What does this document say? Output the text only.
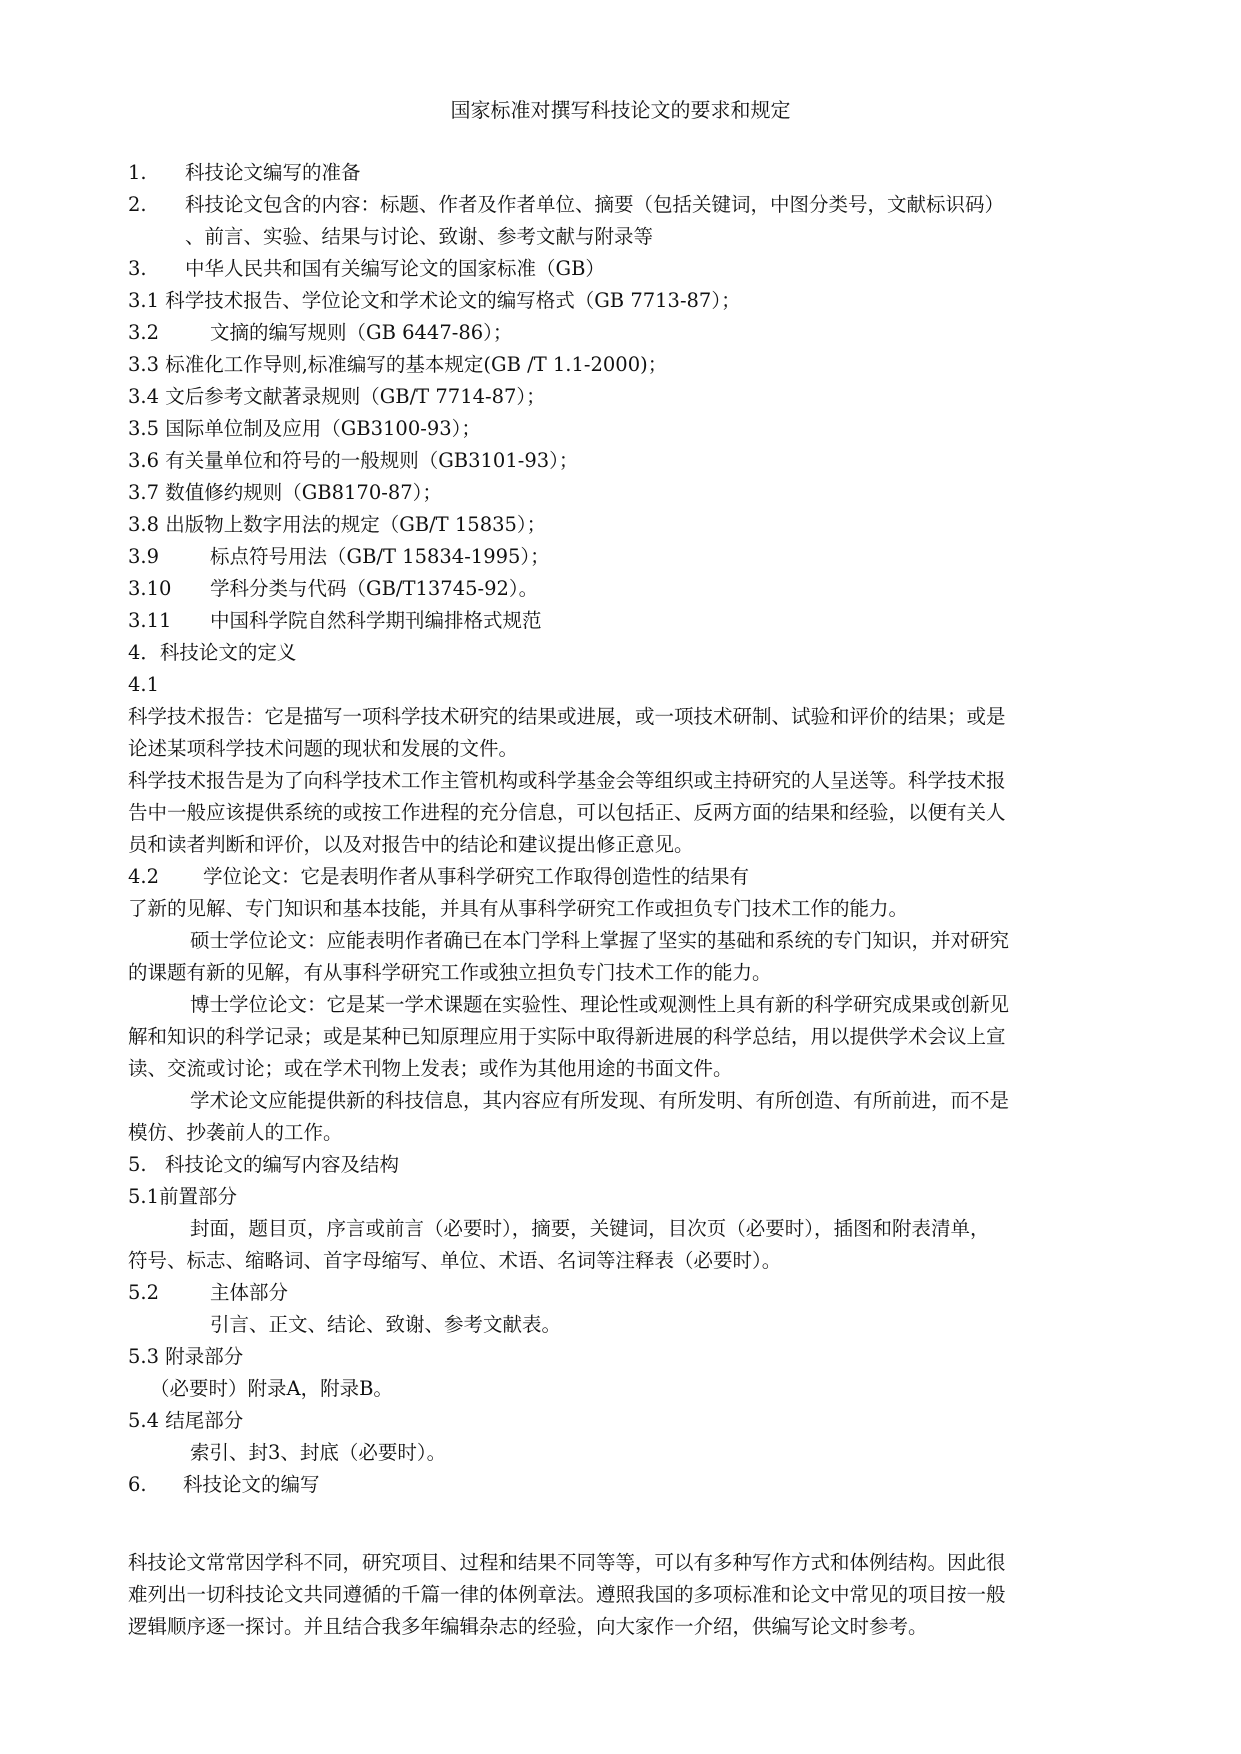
国家标准对撰写科技论文的要求和规定
1. 科技论文编写的准备
2. 科技论文包含的内容：标题、作者及作者单位、摘要（包括关键词，中图分类号，文献标识码）
、前言、实验、结果与讨论、致谢、参考文献与附录等
3. 中华人民共和国有关编写论文的国家标准（GB）
3.1 科学技术报告、学位论文和学术论文的编写格式（GB 7713-87）；
3.2	文摘的编写规则（GB 6447-86）；
3.3 标准化工作导则,标准编写的基本规定(GB /T 1.1-2000)；
3.4 文后参考文献著录规则（GB/T 7714-87）；
3.5 国际单位制及应用（GB3100-93）；
3.6 有关量单位和符号的一般规则（GB3101-93）；
3.7 数值修约规则（GB8170-87）；
3.8 出版物上数字用法的规定（GB/T 15835）；
3.9	标点符号用法（GB/T 15834-1995）；
3.10 学科分类与代码（GB/T13745-92）。
3.11 中国科学院自然科学期刊编排格式规范
4．科技论文的定义
4.1
科学技术报告：它是描写一项科学技术研究的结果或进展，或一项技术研制、试验和评价的结果；或是
论述某项科学技术问题的现状和发展的文件。
科学技术报告是为了向科学技术工作主管机构或科学基金会等组织或主持研究的人呈送等。科学技术报
告中一般应该提供系统的或按工作进程的充分信息，可以包括正、反两方面的结果和经验，以便有关人
员和读者判断和评价，以及对报告中的结论和建议提出修正意见。
4.2 学位论文：它是表明作者从事科学研究工作取得创造性的结果有
了新的见解、专门知识和基本技能，并具有从事科学研究工作或担负专门技术工作的能力。
硕士学位论文：应能表明作者确已在本门学科上掌握了坚实的基础和系统的专门知识，并对研究
的课题有新的见解，有从事科学研究工作或独立担负专门技术工作的能力。
博士学位论文：它是某一学术课题在实验性、理论性或观测性上具有新的科学研究成果或创新见
解和知识的科学记录；或是某种已知原理应用于实际中取得新进展的科学总结，用以提供学术会议上宣
读、交流或讨论；或在学术刊物上发表；或作为其他用途的书面文件。
学术论文应能提供新的科技信息，其内容应有所发现、有所发明、有所创造、有所前进，而不是
模仿、抄袭前人的工作。
5. 科技论文的编写内容及结构
5.1前置部分
封面，题目页，序言或前言（必要时），摘要，关键词，目次页（必要时），插图和附表清单，
符号、标志、缩略词、首字母缩写、单位、术语、名词等注释表（必要时）。
5.2	主体部分
引言、正文、结论、致谢、参考文献表。
5.3 附录部分
（必要时）附录A，附录B。
5.4 结尾部分
索引、封3、封底（必要时）。
6. 科技论文的编写
科技论文常常因学科不同，研究项目、过程和结果不同等等，可以有多种写作方式和体例结构。因此很
难列出一切科技论文共同遵循的千篇一律的体例章法。遵照我国的多项标准和论文中常见的项目按一般
逻辑顺序逐一探讨。并且结合我多年编辑杂志的经验，向大家作一介绍，供编写论文时参考。
